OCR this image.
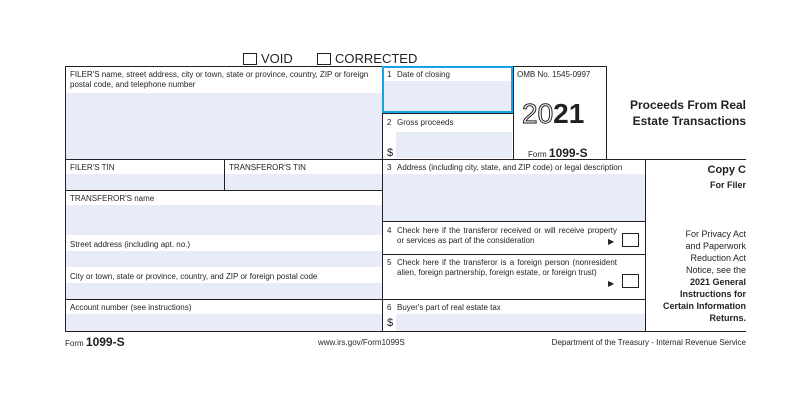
VOID	CORRECTED
FILER'S name, street address, city or town, state or province, country, ZIP or foreign postal code, and telephone number
1 Date of closing
2 Gross proceeds
$
OMB No. 1545-0997
2021
Form 1099-S
Proceeds From Real
Estate Transactions
FILER'S TIN	TRANSFEROR'S TIN
TRANSFEROR'S name
Street address (including apt. no.)
City or town, state or province, country, and ZIP or foreign postal code
Account number (see instructions)
3 Address (including city, state, and ZIP code) or legal description
4 Check here if the transferor received or will receive property or services as part of the consideration	▶
5 Check here if the transferor is a foreign person (nonresident alien, foreign partnership, foreign estate, or foreign trust)
▶
6 Buyer's part of real estate tax
$
Copy C
For Filer
For Privacy Act
and Paperwork
Reduction Act
Notice, see the
2021 General
Instructions for
Certain Information
Returns.
Form 1099-S	www.irs.gov/Form1099S	Department of the Treasury - Internal Revenue Service
